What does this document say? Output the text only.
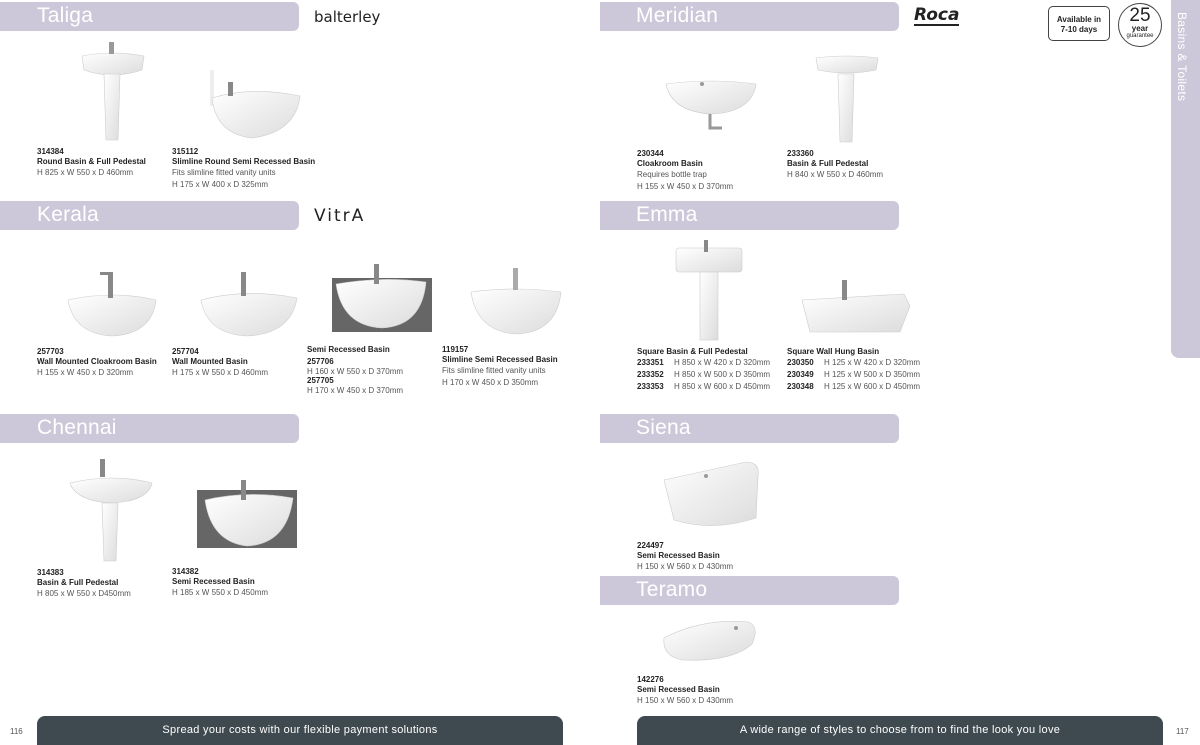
Taliga	balterley
314384
Round Basin & Full Pedestal
H 825 x W 550 x D 460mm
315112
Slimline Round Semi Recessed Basin
Fits slimline fitted vanity units
H 175 x W 400 x D 325mm
Kerala	VitrA
257703
Wall Mounted Cloakroom Basin
H 155 x W 450 x D 320mm
257704
Wall Mounted Basin
H 175 x W 550 x D 460mm
Semi Recessed Basin
257706
H 160 x W 550 x D 370mm
257705
H 170 x W 450 x D 370mm
119157
Slimline Semi Recessed Basin
Fits slimline fitted vanity units
H 170 x W 450 x D 350mm
Chennai
314383
Basin & Full Pedestal
H 805 x W 550 x D450mm
314382
Semi Recessed Basin
H 185 x W 550 x D 450mm
Meridian	Roca	Available in
7-10 days
25
year
guarantee	Basins & Toilets
230344
Cloakroom Basin
Requires bottle trap
H 155 x W 450 x D 370mm
233360
Basin & Full Pedestal
H 840 x W 550 x D 460mm
Emma
Square Basin & Full Pedestal
233351 H 850 x W 420 x D 320mm
233352 H 850 x W 500 x D 350mm
233353 H 850 x W 600 x D 450mm
Square Wall Hung Basin
230350 H 125 x W 420 x D 320mm
230349 H 125 x W 500 x D 350mm
230348 H 125 x W 600 x D 450mm
Siena
224497
Semi Recessed Basin
H 150 x W 560 x D 430mm
Teramo
142276
Semi Recessed Basin
H 150 x W 560 x D 430mm
116	Spread your costs with our flexible payment solutions	A wide range of styles to choose from to find the look you love	117
